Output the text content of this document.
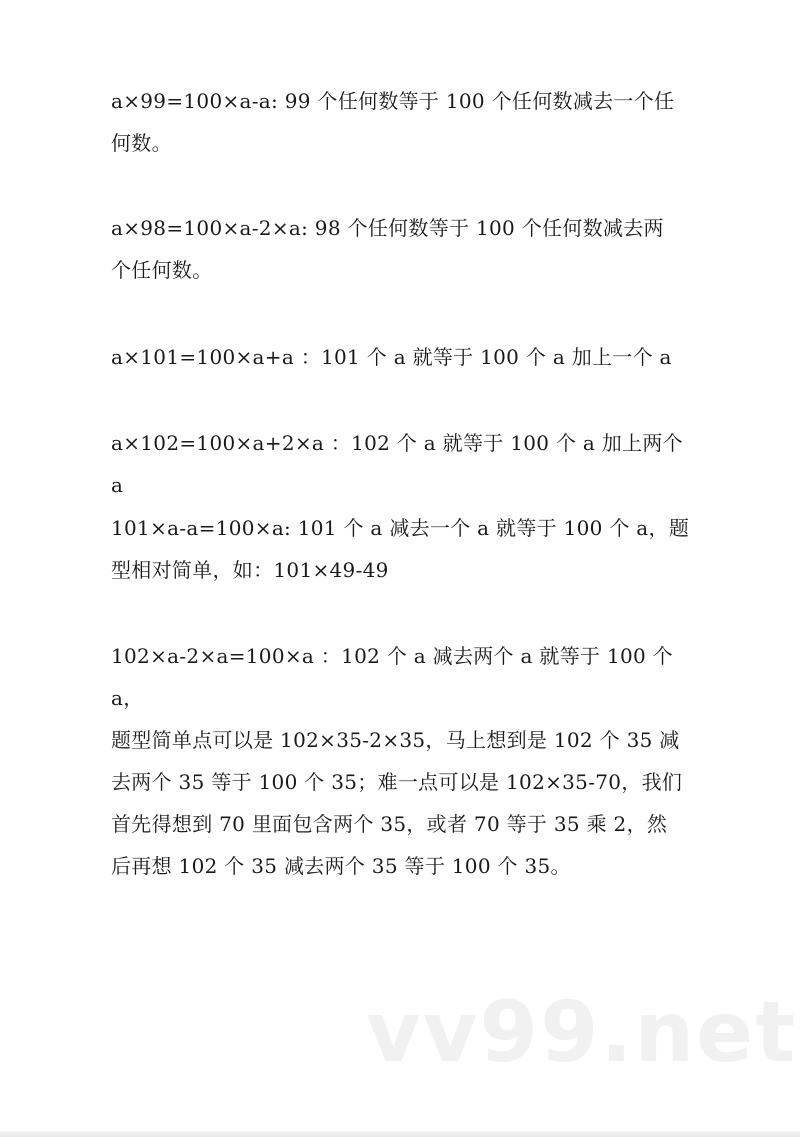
a×99=100×a-a: 99 个任何数等于 100 个任何数减去一个任
何数。

a×98=100×a-2×a: 98 个任何数等于 100 个任何数减去两
个任何数。

a×101=100×a+a ：101 个 a 就等于 100 个 a 加上一个 a

a×102=100×a+2×a ：102 个 a 就等于 100 个 a 加上两个 a

101×a-a=100×a: 101 个 a 减去一个 a 就等于 100 个 a，题
型相对简单，如：101×49-49

102×a-2×a=100×a ：102 个 a 减去两个 a 就等于 100 个 a，
题型简单点可以是 102×35-2×35，马上想到是 102 个 35 减
去两个 35 等于 100 个 35；难一点可以是 102×35-70，我们
首先得想到 70 里面包含两个 35，或者 70 等于 35 乘 2，然
后再想 102 个 35 减去两个 35 等于 100 个 35。

vv99.net
